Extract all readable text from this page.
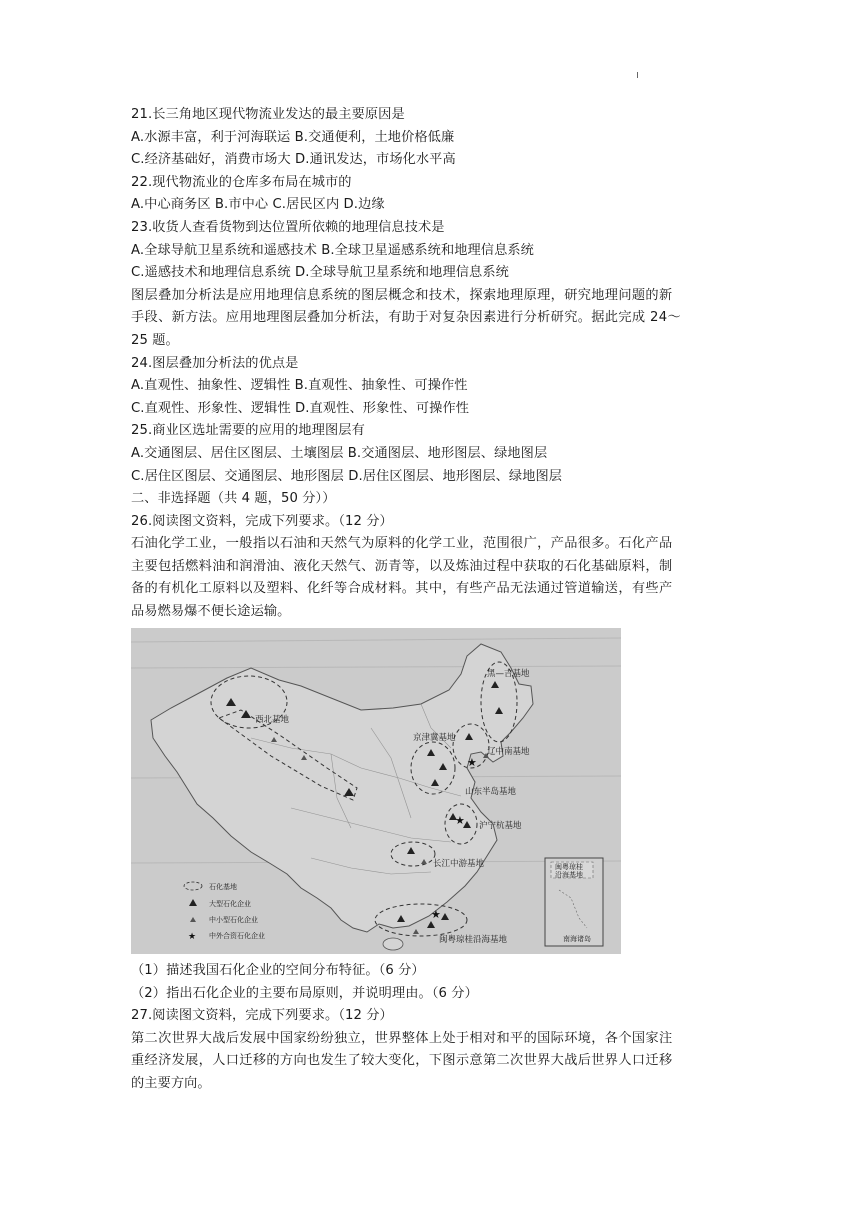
21.长三角地区现代物流业发达的最主要原因是
A.水源丰富，利于河海联运 B.交通便利，土地价格低廉
C.经济基础好，消费市场大 D.通讯发达，市场化水平高
22.现代物流业的仓库多布局在城市的
A.中心商务区 B.市中心 C.居民区内 D.边缘
23.收货人查看货物到达位置所依赖的地理信息技术是
A.全球导航卫星系统和遥感技术 B.全球卫星遥感系统和地理信息系统
C.遥感技术和地理信息系统 D.全球导航卫星系统和地理信息系统
图层叠加分析法是应用地理信息系统的图层概念和技术，探索地理原理，研究地理问题的新
手段、新方法。应用地理图层叠加分析法，有助于对复杂因素进行分析研究。据此完成 24～
25 题。
24.图层叠加分析法的优点是
A.直观性、抽象性、逻辑性 B.直观性、抽象性、可操作性
C.直观性、形象性、逻辑性 D.直观性、形象性、可操作性
25.商业区选址需要的应用的地理图层有
A.交通图层、居住区图层、土壤图层 B.交通图层、地形图层、绿地图层
C.居住区图层、交通图层、地形图层 D.居住区图层、地形图层、绿地图层
二、非选择题（共 4 题，50 分））
26.阅读图文资料，完成下列要求。（12 分）
石油化学工业，一般指以石油和天然气为原料的化学工业，范围很广，产品很多。石化产品
主要包括燃料油和润滑油、液化天然气、沥青等，以及炼油过程中获取的石化基础原料，制
备的有机化工原料以及塑料、化纤等合成材料。其中，有些产品无法通过管道输送，有些产
品易燃易爆不便长途运输。
★
★
★
黑—吉基地
西北基地
京津冀基地
辽中南基地
山东半岛基地
沪宁杭基地
长江中游基地
闽粤琼桂沿海基地
闽粤琼桂
沿海基地
南海诸岛
石化基地
大型石化企业
中小型石化企业
★ 中外合资石化企业
（1）描述我国石化企业的空间分布特征。（6 分）
（2）指出石化企业的主要布局原则，并说明理由。（6 分）
27.阅读图文资料，完成下列要求。（12 分）
第二次世界大战后发展中国家纷纷独立，世界整体上处于相对和平的国际环境，各个国家注
重经济发展，人口迁移的方向也发生了较大变化，下图示意第二次世界大战后世界人口迁移
的主要方向。
